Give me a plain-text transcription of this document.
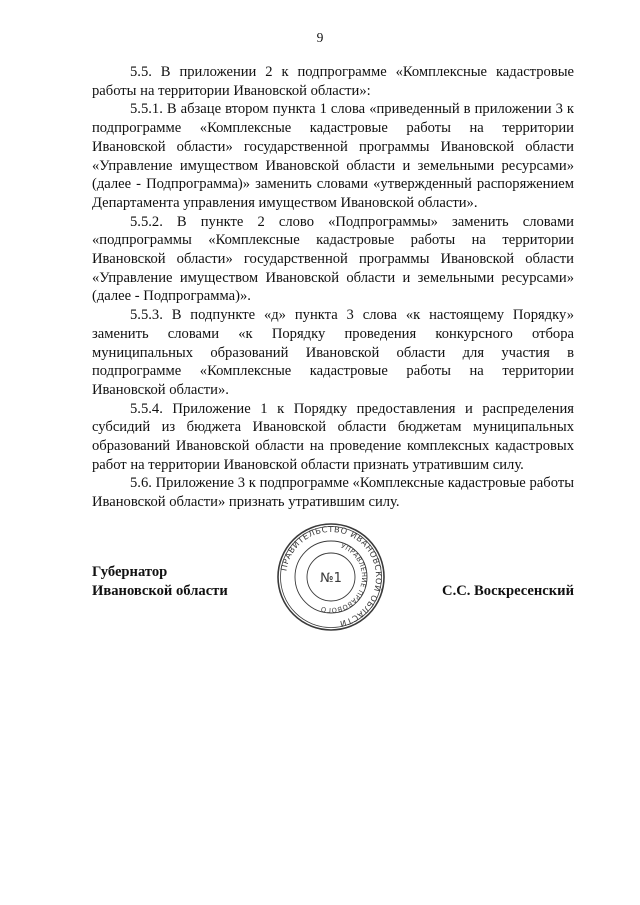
9

5.5. В приложении 2 к подпрограмме «Комплексные кадастровые работы на территории Ивановской области»:

5.5.1. В абзаце втором пункта 1 слова «приведенный в приложении 3 к подпрограмме «Комплексные кадастровые работы на территории Ивановской области» государственной программы Ивановской области «Управление имуществом Ивановской области и земельными ресурсами» (далее - Подпрограмма)» заменить словами «утвержденный распоряжением Департамента управления имуществом Ивановской области».

5.5.2. В пункте 2 слово «Подпрограммы» заменить словами «подпрограммы «Комплексные кадастровые работы на территории Ивановской области» государственной программы Ивановской области «Управление имуществом Ивановской области и земельными ресурсами» (далее - Подпрограмма)».

5.5.3. В подпункте «д» пункта 3 слова «к настоящему Порядку» заменить словами «к Порядку проведения конкурсного отбора муниципальных образований Ивановской области для участия в подпрограмме «Комплексные кадастровые работы на территории Ивановской области».

5.5.4. Приложение 1 к Порядку предоставления и распределения субсидий из бюджета Ивановской области бюджетам муниципальных образований Ивановской области на проведение комплексных кадастровых работ на территории Ивановской области признать утратившим силу.

5.6. Приложение 3 к подпрограмме «Комплексные кадастровые работы Ивановской области» признать утратившим силу.

Губернатор
Ивановской области
ПРАВИТЕЛЬСТВО ИВАНОВСКОЙ ОБЛАСТИ
УПРАВЛЕНИЕ ПРАВОВОГО
№1
С.С. Воскресенский
